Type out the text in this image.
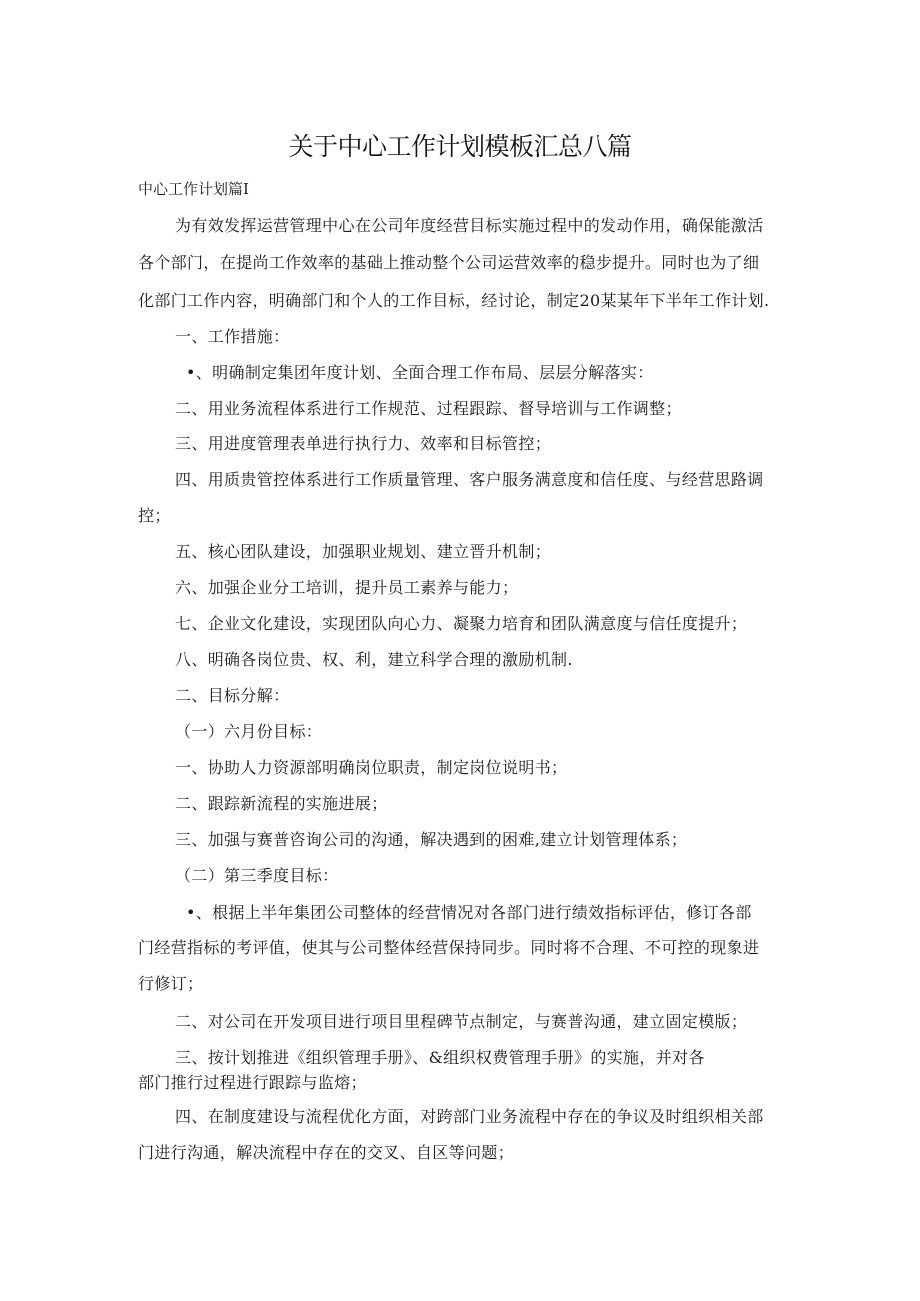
关于中心工作计划模板汇总八篇
中心工作计划篇Ⅰ
为有效发挥运营管理中心在公司年度经营目标实施过程中的发动作用，确保能激活
各个部门，在提尚工作效率的基础上推动整个公司运营效率的稳步提升。同时也为了细
化部门工作内容，明确部门和个人的工作目标，经讨论，制定20某某年下半年工作计划.
一、工作措施：
•、明确制定集团年度计划、全面合理工作布局、层层分解落实：
二、用业务流程体系进行工作规范、过程跟踪、督导培训与工作调整；
三、用进度管理表单进行执行力、效率和目标管控；
四、用质贵管控体系进行工作质量管理、客户服务满意度和信任度、与经营思路调
控；
五、核心团队建设，加强职业规划、建立晋升机制；
六、加强企业分工培训，提升员工素养与能力；
七、企业文化建设，实现团队向心力、凝聚力培育和团队满意度与信任度提升；
八、明确各岗位贵、权、利，建立科学合理的激励机制.
二、目标分解：
（一）六月份目标：
一、协助人力资源部明确岗位职责，制定岗位说明书；
二、跟踪新流程的实施进展；
三、加强与赛普咨询公司的沟通，解决遇到的困难,建立计划管理体系；
（二）第三季度目标：
•、根据上半年集团公司整体的经营情况对各部门进行绩效指标评估，修订各部
门经营指标的考评值，使其与公司整体经营保持同步。同时将不合理、不可控的现象进
行修订；
二、对公司在开发项目进行项目里程碑节点制定，与赛普沟通，建立固定模版；
三、按计划推进《组织管理手册》、&组织权费管理手册》的实施，并对各
部门推行过程进行跟踪与监熔；
四、在制度建设与流程优化方面，对跨部门业务流程中存在的争议及时组织相关部
门进行沟通，解决流程中存在的交叉、自区等问题；
